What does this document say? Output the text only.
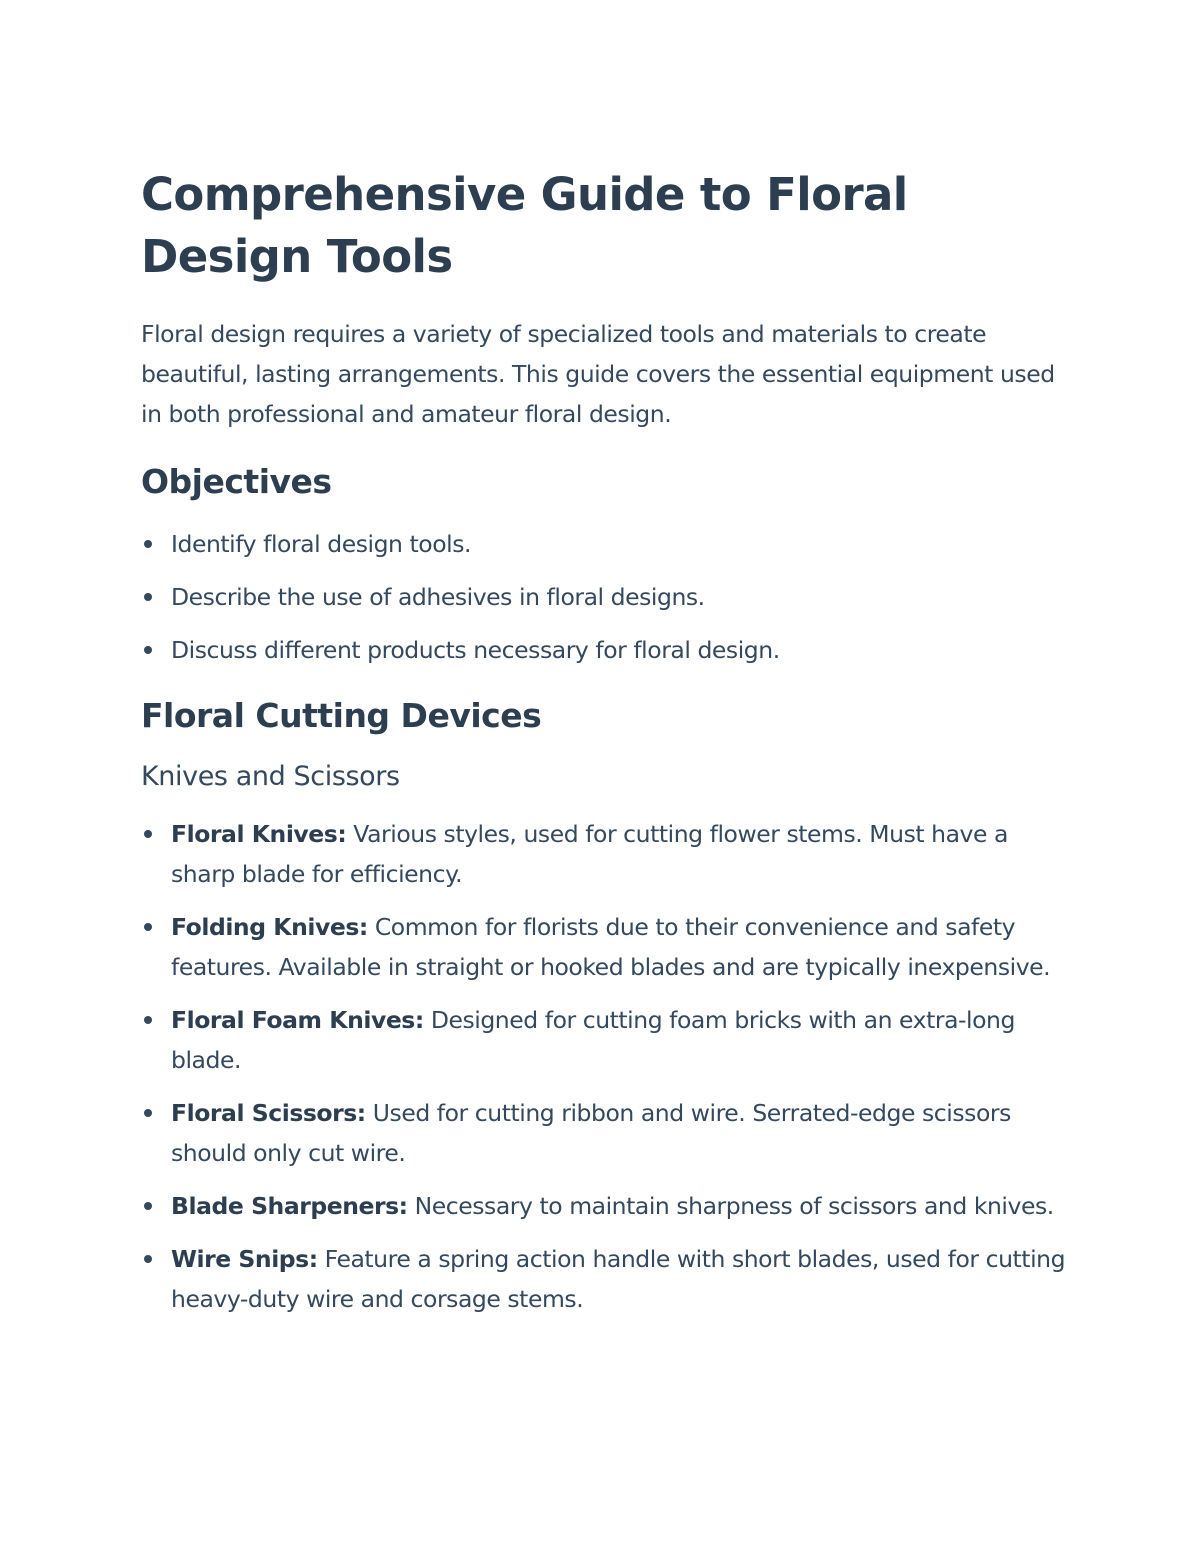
Comprehensive Guide to Floral Design Tools

Floral design requires a variety of specialized tools and materials to create beautiful, lasting arrangements. This guide covers the essential equipment used in both professional and amateur floral design.

Objectives
Identify floral design tools.
Describe the use of adhesives in floral designs.
Discuss different products necessary for floral design.
Floral Cutting Devices
Knives and Scissors
Floral Knives: Various styles, used for cutting flower stems. Must have a sharp blade for efficiency.
Folding Knives: Common for florists due to their convenience and safety features. Available in straight or hooked blades and are typically inexpensive.
Floral Foam Knives: Designed for cutting foam bricks with an extra-long blade.
Floral Scissors: Used for cutting ribbon and wire. Serrated-edge scissors should only cut wire.
Blade Sharpeners: Necessary to maintain sharpness of scissors and knives.
Wire Snips: Feature a spring action handle with short blades, used for cutting heavy-duty wire and corsage stems.
